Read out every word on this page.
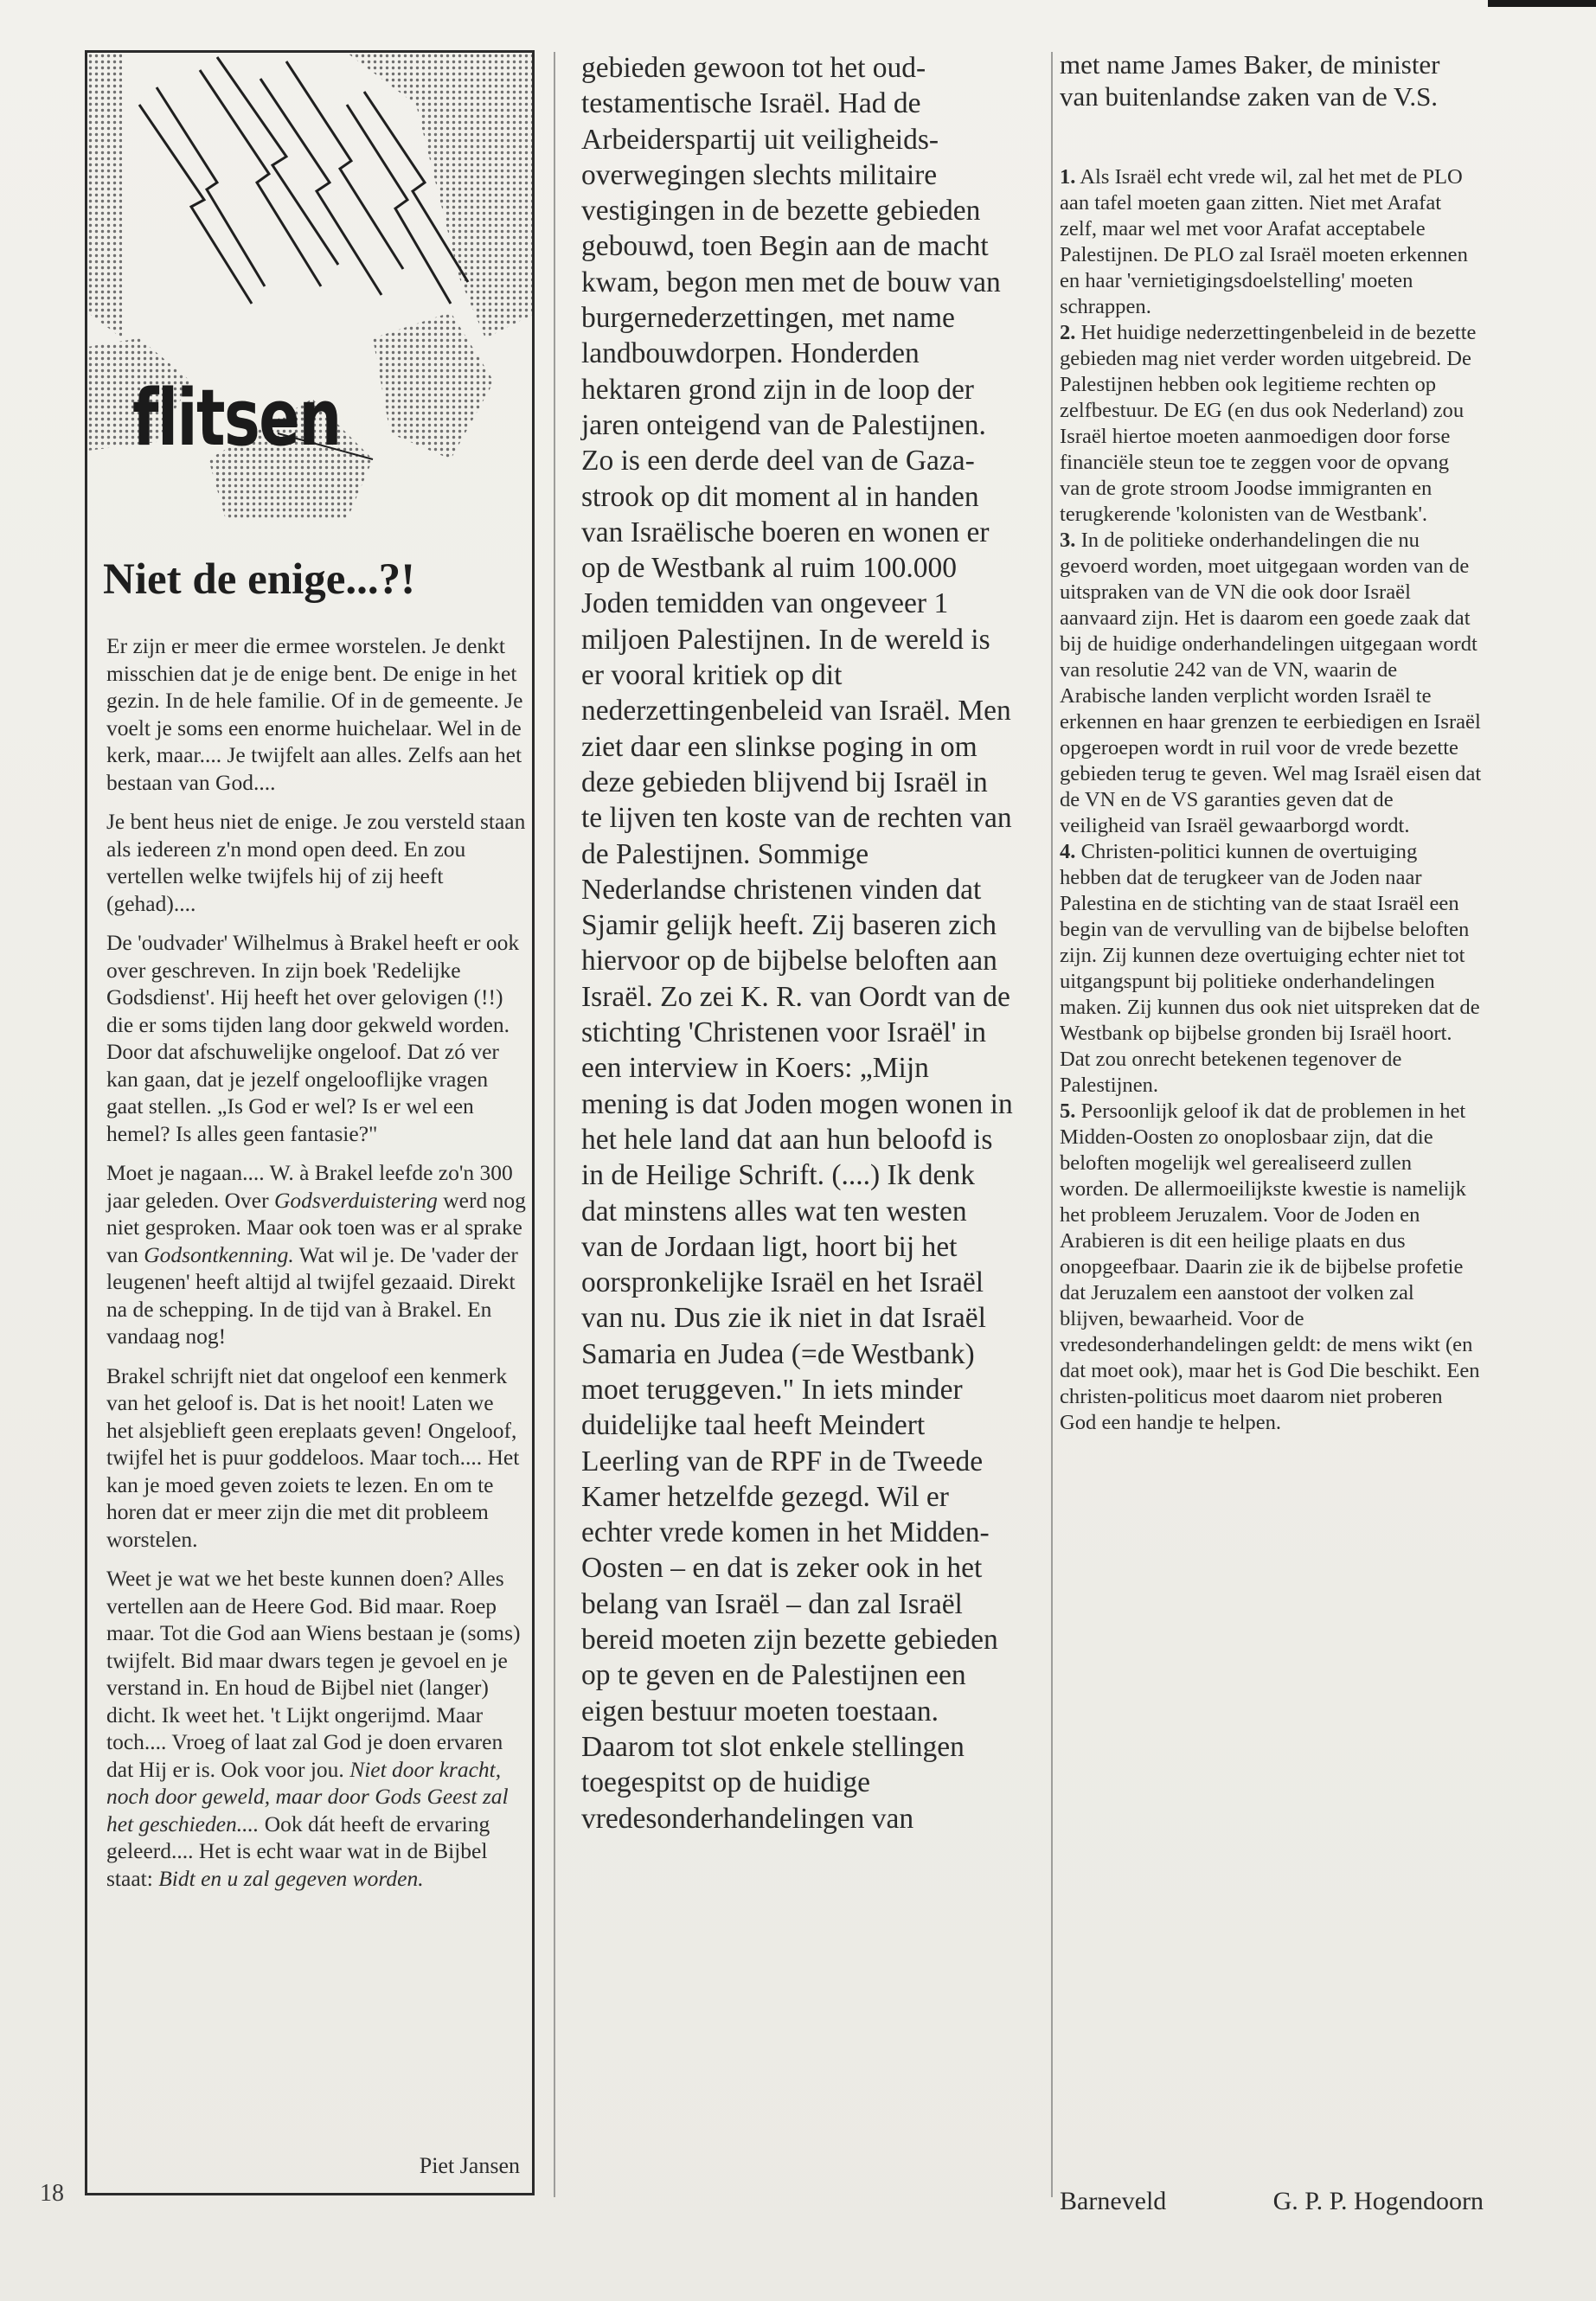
flitsen
Niet de enige...?!

Er zijn er meer die ermee worstelen. Je denkt misschien dat je de enige bent. De enige in het gezin. In de hele familie. Of in de gemeente. Je voelt je soms een enorme huichelaar. Wel in de kerk, maar.... Je twijfelt aan alles. Zelfs aan het bestaan van God....

Je bent heus niet de enige. Je zou versteld staan als iedereen z'n mond open deed. En zou vertellen welke twijfels hij of zij heeft (gehad)....

De 'oudvader' Wilhelmus à Brakel heeft er ook over geschreven. In zijn boek 'Redelijke Godsdienst'. Hij heeft het over gelovigen (!!) die er soms tijden lang door gekweld worden. Door dat afschuwelijke ongeloof. Dat zó ver kan gaan, dat je jezelf ongelooflijke vragen gaat stellen. „Is God er wel? Is er wel een hemel? Is alles geen fantasie?"

Moet je nagaan.... W. à Brakel leefde zo'n 300 jaar geleden. Over Godsverduistering werd nog niet gesproken. Maar ook toen was er al sprake van Godsontkenning. Wat wil je. De 'vader der leugenen' heeft altijd al twijfel gezaaid. Direkt na de schepping. In de tijd van à Brakel. En vandaag nog!

Brakel schrijft niet dat ongeloof een kenmerk van het geloof is. Dat is het nooit! Laten we het alsjeblieft geen ereplaats geven! Ongeloof, twijfel het is puur goddeloos. Maar toch.... Het kan je moed geven zoiets te lezen. En om te horen dat er meer zijn die met dit probleem worstelen.

Weet je wat we het beste kunnen doen? Alles vertellen aan de Heere God. Bid maar. Roep maar. Tot die God aan Wiens bestaan je (soms) twijfelt. Bid maar dwars tegen je gevoel en je verstand in. En houd de Bijbel niet (langer) dicht. Ik weet het. 't Lijkt ongerijmd. Maar toch.... Vroeg of laat zal God je doen ervaren dat Hij er is. Ook voor jou. Niet door kracht, noch door geweld, maar door Gods Geest zal het geschieden.... Ook dát heeft de ervaring geleerd.... Het is echt waar wat in de Bijbel staat: Bidt en u zal gegeven worden.

Piet Jansen
18
gebieden gewoon tot het oud-testamentische Israël. Had de Arbeiderspartij uit veiligheids-overwegingen slechts militaire vestigingen in de bezette gebieden gebouwd, toen Begin aan de macht kwam, begon men met de bouw van burgernederzettingen, met name landbouwdorpen. Honderden hektaren grond zijn in de loop der jaren onteigend van de Palestijnen. Zo is een derde deel van de Gaza-strook op dit moment al in handen van Israëlische boeren en wonen er op de Westbank al ruim 100.000 Joden temidden van ongeveer 1 miljoen Palestijnen. In de wereld is er vooral kritiek op dit nederzettingenbeleid van Israël. Men ziet daar een slinkse poging in om deze gebieden blijvend bij Israël in te lijven ten koste van de rechten van de Palestijnen. Sommige Nederlandse christenen vinden dat Sjamir gelijk heeft. Zij baseren zich hiervoor op de bijbelse beloften aan Israël. Zo zei K. R. van Oordt van de stichting 'Christenen voor Israël' in een interview in Koers: „Mijn mening is dat Joden mogen wonen in het hele land dat aan hun beloofd is in de Heilige Schrift. (....) Ik denk dat minstens alles wat ten westen van de Jordaan ligt, hoort bij het oorspronkelijke Israël en het Israël van nu. Dus zie ik niet in dat Israël Samaria en Judea (=de Westbank) moet teruggeven." In iets minder duidelijke taal heeft Meindert Leerling van de RPF in de Tweede Kamer hetzelfde gezegd. Wil er echter vrede komen in het Midden-Oosten – en dat is zeker ook in het belang van Israël – dan zal Israël bereid moeten zijn bezette gebieden op te geven en de Palestijnen een eigen bestuur moeten toestaan. Daarom tot slot enkele stellingen toegespitst op de huidige vredesonderhandelingen van
met name James Baker, de minister van buitenlandse zaken van de V.S.

1. Als Israël echt vrede wil, zal het met de PLO aan tafel moeten gaan zitten. Niet met Arafat zelf, maar wel met voor Arafat acceptabele Palestijnen. De PLO zal Israël moeten erkennen en haar 'vernietigingsdoelstelling' moeten schrappen.

2. Het huidige nederzettingenbeleid in de bezette gebieden mag niet verder worden uitgebreid. De Palestijnen hebben ook legitieme rechten op zelfbestuur. De EG (en dus ook Nederland) zou Israël hiertoe moeten aanmoedigen door forse financiële steun toe te zeggen voor de opvang van de grote stroom Joodse immigranten en terugkerende 'kolonisten van de Westbank'.

3. In de politieke onderhandelingen die nu gevoerd worden, moet uitgegaan worden van de uitspraken van de VN die ook door Israël aanvaard zijn. Het is daarom een goede zaak dat bij de huidige onderhandelingen uitgegaan wordt van resolutie 242 van de VN, waarin de Arabische landen verplicht worden Israël te erkennen en haar grenzen te eerbiedigen en Israël opgeroepen wordt in ruil voor de vrede bezette gebieden terug te geven. Wel mag Israël eisen dat de VN en de VS garanties geven dat de veiligheid van Israël gewaarborgd wordt.

4. Christen-politici kunnen de overtuiging hebben dat de terugkeer van de Joden naar Palestina en de stichting van de staat Israël een begin van de vervulling van de bijbelse beloften zijn. Zij kunnen deze overtuiging echter niet tot uitgangspunt bij politieke onderhandelingen maken. Zij kunnen dus ook niet uitspreken dat de Westbank op bijbelse gronden bij Israël hoort. Dat zou onrecht betekenen tegenover de Palestijnen.

5. Persoonlijk geloof ik dat de problemen in het Midden-Oosten zo onoplosbaar zijn, dat die beloften mogelijk wel gerealiseerd zullen worden. De allermoeilijkste kwestie is namelijk het probleem Jeruzalem. Voor de Joden en Arabieren is dit een heilige plaats en dus onopgeefbaar. Daarin zie ik de bijbelse profetie dat Jeruzalem een aanstoot der volken zal blijven, bewaarheid. Voor de vredesonderhandelingen geldt: de mens wikt (en dat moet ook), maar het is God Die beschikt. Een christen-politicus moet daarom niet proberen God een handje te helpen.

Barneveld	G. P. P. Hogendoorn
